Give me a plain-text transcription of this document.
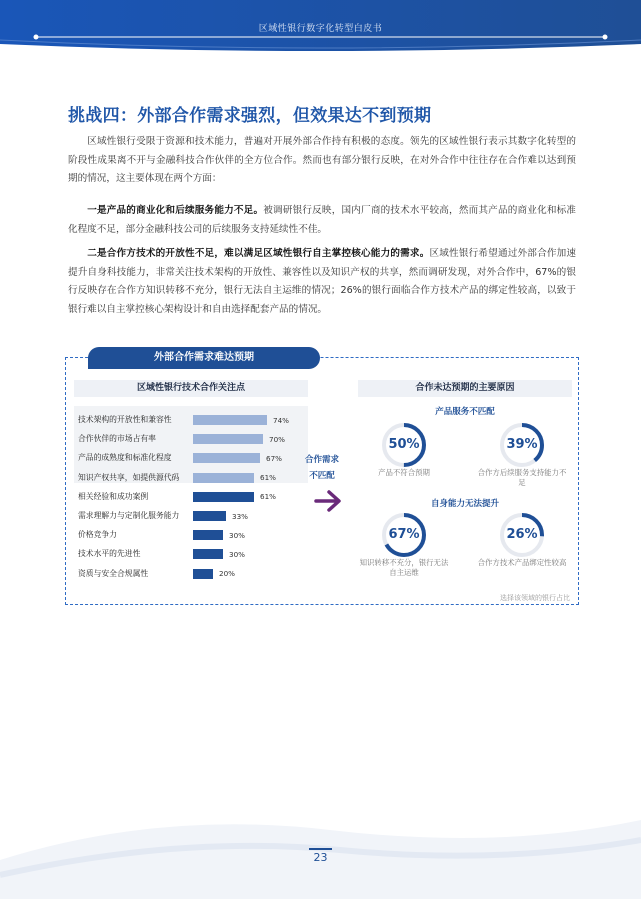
区域性银行数字化转型白皮书
挑战四：外部合作需求强烈，但效果达不到预期
区域性银行受限于资源和技术能力，普遍对开展外部合作持有积极的态度。领先的区域性银行表示其数字化转型的阶段性成果离不开与金融科技合作伙伴的全方位合作。然而也有部分银行反映，在对外合作中往往存在合作难以达到预期的情况，这主要体现在两个方面：
一是产品的商业化和后续服务能力不足。被调研银行反映，国内厂商的技术水平较高，然而其产品的商业化和标准化程度不足，部分金融科技公司的后续服务支持延续性不佳。
二是合作方技术的开放性不足，难以满足区域性银行自主掌控核心能力的需求。区域性银行希望通过外部合作加速提升自身科技能力，非常关注技术架构的开放性、兼容性以及知识产权的共享，然而调研发现，对外合作中，67%的银行反映存在合作方知识转移不充分，银行无法自主运维的情况；26%的银行面临合作方技术产品的绑定性较高，以致于银行难以自主掌控核心架构设计和自由选择配套产品的情况。
外部合作需求难达预期
区域性银行技术合作关注点
技术架构的开放性和兼容性	74%
合作伙伴的市场占有率	70%
产品的成熟度和标准化程度	67%
知识产权共享，如提供源代码	61%
相关经验和成功案例	61%
需求理解力与定制化服务能力	33%
价格竞争力	30%
技术水平的先进性	30%
资质与安全合规属性	20%
合作需求不匹配
合作未达预期的主要原因
产品服务不匹配
自身能力无法提升
50%
产品不符合预期
39%
合作方后续服务支持能力不足
67%
知识转移不充分，银行无法自主运维
26%
合作方技术产品绑定性较高
选择该领域的银行占比
23
